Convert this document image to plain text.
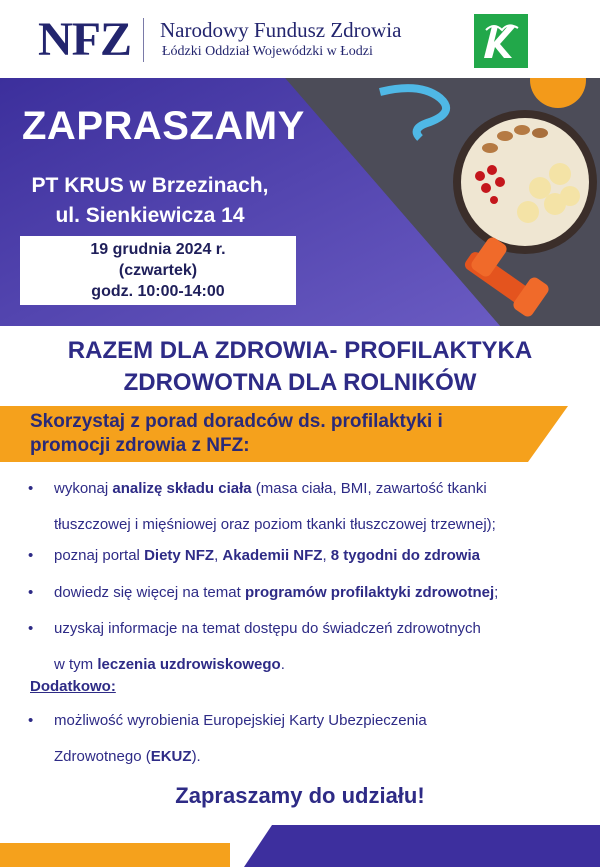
NFZ Narodowy Fundusz Zdrowia
Łódzki Oddział Wojewódzki w Łodzi
ZAPRASZAMY
PT KRUS w Brzezinach,
ul. Sienkiewicza 14
19 grudnia 2024 r.
(czwartek)
godz. 10:00-14:00
RAZEM DLA ZDROWIA- PROFILAKTYKA
ZDROWOTNA DLA ROLNIKÓW
Skorzystaj z porad doradców ds. profilaktyki i
promocji zdrowia z NFZ:
• wykonaj analizę składu ciała (masa ciała, BMI, zawartość tkanki
tłuszczowej i mięśniowej oraz poziom tkanki tłuszczowej trzewnej);
• poznaj portal Diety NFZ, Akademii NFZ, 8 tygodni do zdrowia
• dowiedz się więcej na temat programów profilaktyki zdrowotnej;
• uzyskaj informacje na temat dostępu do świadczeń zdrowotnych
w tym leczenia uzdrowiskowego.
• możliwość wyrobienia Europejskiej Karty Ubezpieczenia
Zdrowotnego (EKUZ).
Dodatkowo:
Zapraszamy do udziału!
